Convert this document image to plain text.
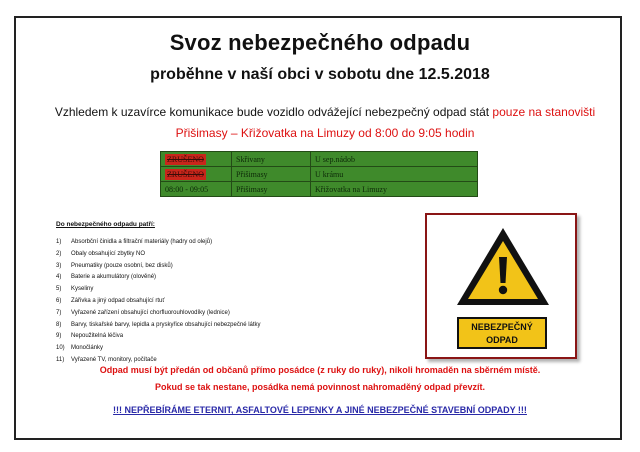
Svoz nebezpečného odpadu
proběhne v naší obci v sobotu dne 12.5.2018
Vzhledem k uzavírce komunikace bude vozidlo odvážející nebezpečný odpad stát pouze na stanovišti
Přišimasy – Křižovatka na Limuzy od 8:00 do 9:05 hodin
ZRUŠENO	Skřivany	U sep.nádob
ZRUŠENO	Přišimasy	U krámu
08:00 - 09:05	Přišimasy	Křižovatka na Limuzy
Do nebezpečného odpadu patří:
1)	Absorbční činidla a filtrační materiály (hadry od olejů)
2)	Obaly obsahující zbytky NO
3)	Pneumatiky (pouze osobní, bez disků)
4)	Baterie a akumulátory (olověné)
5)	Kyseliny
6)	Zářivka a jiný odpad obsahující rtuť
7)	Vyřazené zařízení obsahující chorfluorouhlovodíky (lednice)
8)	Barvy, tiskařské barvy, lepidla a pryskyřice obsahující nebezpečné látky
9)	Nepoužitelná léčiva
10)	Monočlánky
11)	Vyřazené TV, monitory, počítače
NEBEZPEČNÝ
ODPAD
Odpad musí být předán od občanů přímo posádce (z ruky do ruky), nikoli hromaděn na sběrném místě.
Pokud se tak nestane, posádka nemá povinnost nahromaděný odpad převzít.
!!! NEPŘEBÍRÁME ETERNIT, ASFALTOVÉ LEPENKY A JINÉ NEBEZPEČNÉ STAVEBNÍ ODPADY !!!
